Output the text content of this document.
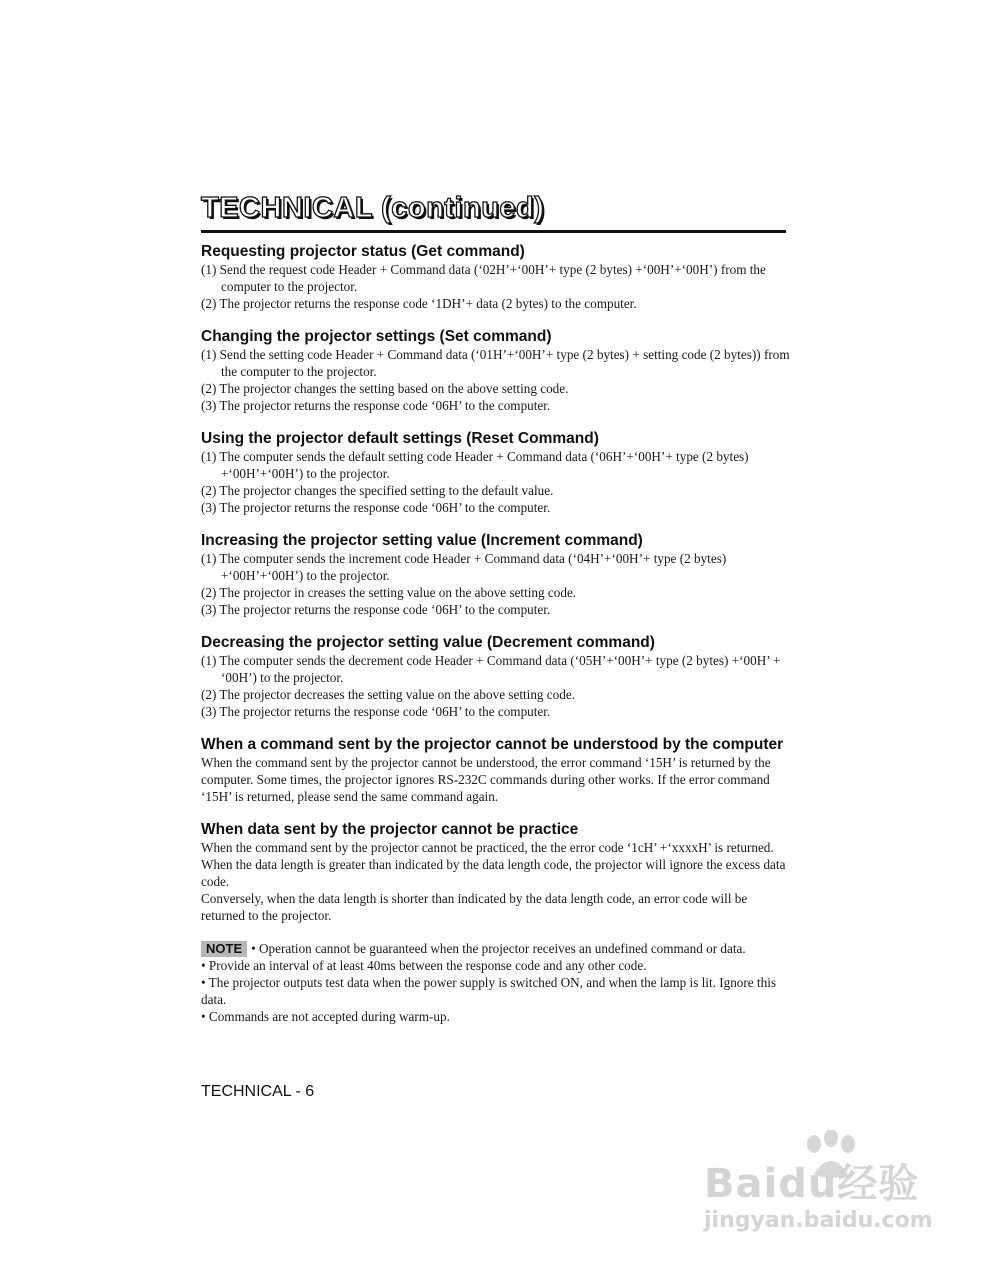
TECHNICAL (continued)

Requesting projector status (Get command)

(1) Send the request code Header + Command data (‘02H’+‘00H’+ type (2 bytes) +‘00H’+‘00H’) from the computer to the projector.

(2) The projector returns the response code ‘1DH’+ data (2 bytes) to the computer.

Changing the projector settings (Set command)

(1) Send the setting code Header + Command data (‘01H’+‘00H’+ type (2 bytes) + setting code (2 bytes)) from the computer to the projector.

(2) The projector changes the setting based on the above setting code.

(3) The projector returns the response code ‘06H’ to the computer.

Using the projector default settings (Reset Command)

(1) The computer sends the default setting code Header + Command data (‘06H’+‘00H’+ type (2 bytes) +‘00H’+‘00H’) to the projector.

(2) The projector changes the specified setting to the default value.

(3) The projector returns the response code ‘06H’ to the computer.

Increasing the projector setting value (Increment command)

(1) The computer sends the increment code Header + Command data (‘04H’+‘00H’+ type (2 bytes) +‘00H’+‘00H’) to the projector.

(2) The projector in creases the setting value on the above setting code.

(3) The projector returns the response code ‘06H’ to the computer.

Decreasing the projector setting value (Decrement command)

(1) The computer sends the decrement code Header + Command data (‘05H’+‘00H’+ type (2 bytes) +‘00H’ + ‘00H’) to the projector.

(2) The projector decreases the setting value on the above setting code.

(3) The projector returns the response code ‘06H’ to the computer.

When a command sent by the projector cannot be understood by the computer

When the command sent by the projector cannot be understood, the error command ‘15H’ is returned by the computer. Some times, the projector ignores RS-232C commands during other works. If the error command ‘15H’ is returned, please send the same command again.

When data sent by the projector cannot be practice

When the command sent by the projector cannot be practiced, the the error code ‘1cH’ +‘xxxxH’ is returned.

When the data length is greater than indicated by the data length code, the projector will ignore the excess data code.

Conversely, when the data length is shorter than indicated by the data length code, an error code will be returned to the projector.

NOTE • Operation cannot be guaranteed when the projector receives an undefined command or data.

• Provide an interval of at least 40ms between the response code and any other code.

• The projector outputs test data when the power supply is switched ON, and when the lamp is lit. Ignore this data.

• Commands are not accepted during warm-up.

TECHNICAL - 6
Baidu经验
jingyan.baidu.com
